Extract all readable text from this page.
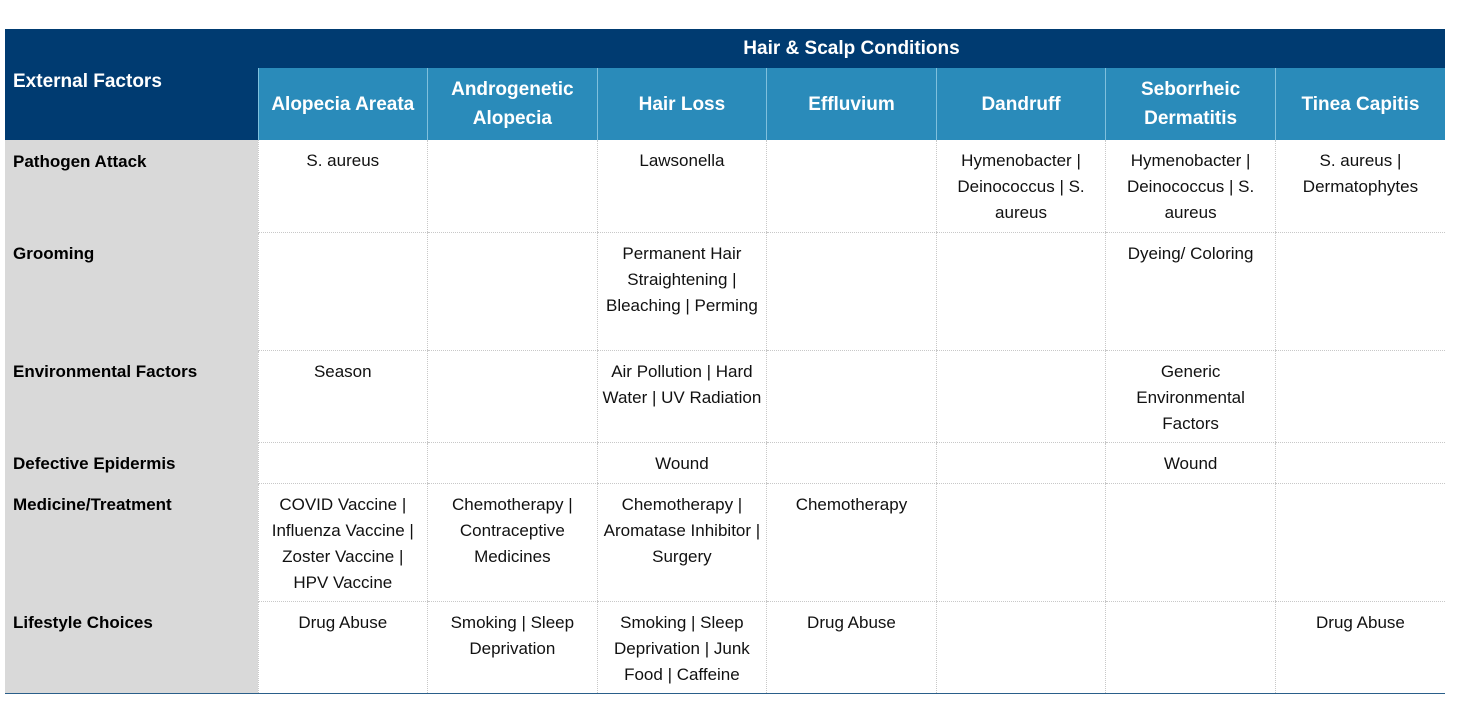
External Factors	Hair & Scalp Conditions						
	Alopecia Areata	Androgenetic Alopecia	Hair Loss	Effluvium	Dandruff	Seborrheic Dermatitis	Tinea Capitis
Pathogen Attack	S. aureus		Lawsonella		Hymenobacter | Deinococcus | S. aureus	Hymenobacter | Deinococcus | S. aureus	S. aureus | Dermatophytes
Grooming			Permanent Hair Straightening | Bleaching | Perming			Dyeing/ Coloring	
Environmental Factors	Season		Air Pollution | Hard Water | UV Radiation			Generic Environmental Factors	
Defective Epidermis			Wound			Wound	
Medicine/Treatment	COVID Vaccine | Influenza Vaccine | Zoster Vaccine | HPV Vaccine	Chemotherapy | Contraceptive Medicines	Chemotherapy | Aromatase Inhibitor | Surgery	Chemotherapy			
Lifestyle Choices	Drug Abuse	Smoking | Sleep Deprivation	Smoking | Sleep Deprivation | Junk Food | Caffeine	Drug Abuse			Drug Abuse
